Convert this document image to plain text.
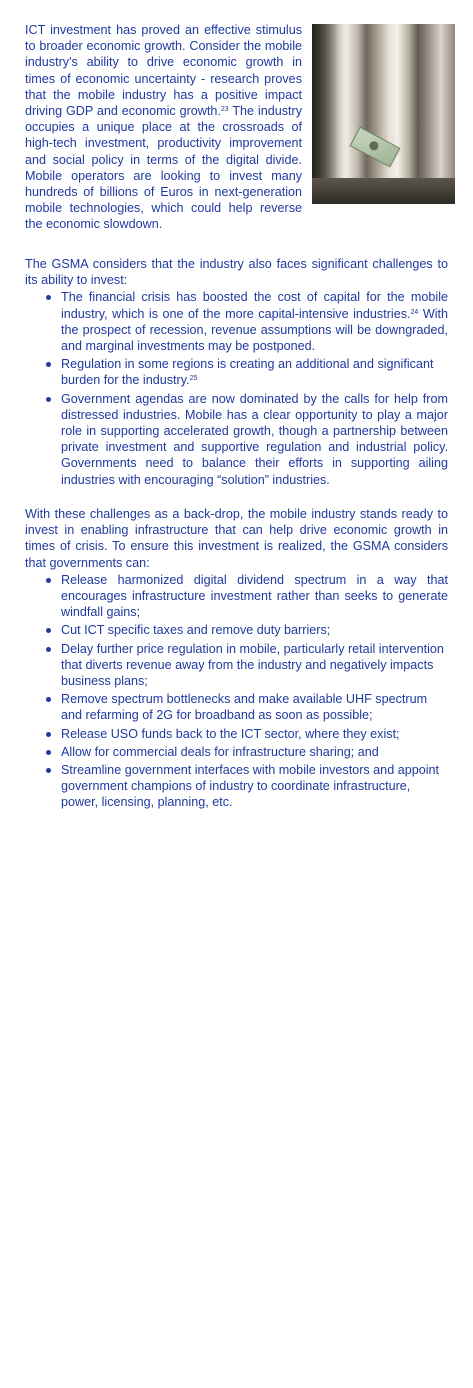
ICT investment has proved an effective stimulus to broader economic growth. Consider the mobile industry's ability to drive economic growth in times of economic uncertainty - research proves that the mobile industry has a positive impact driving GDP and economic growth.$^{23}$ The industry occupies a unique place at the crossroads of high-tech investment, productivity improvement and social policy in terms of the digital divide. Mobile operators are looking to invest many hundreds of billions of Euros in next-generation mobile technologies, which could help reverse the economic slowdown.

The GSMA considers that the industry also faces significant challenges to its ability to invest:

The financial crisis has boosted the cost of capital for the mobile industry, which is one of the more capital-intensive industries.$^{24}$ With the prospect of recession, revenue assumptions will be downgraded, and marginal investments may be postponed.
Regulation in some regions is creating an additional and significant burden for the industry.$^{25}$
Government agendas are now dominated by the calls for help from distressed industries. Mobile has a clear opportunity to play a major role in supporting accelerated growth, though a partnership between private investment and supportive regulation and industrial policy. Governments need to balance their efforts in supporting ailing industries with encouraging “solution” industries.

With these challenges as a back-drop, the mobile industry stands ready to invest in enabling infrastructure that can help drive economic growth in times of crisis. To ensure this investment is realized, the GSMA considers that governments can:

Release harmonized digital dividend spectrum in a way that encourages infrastructure investment rather than seeks to generate windfall gains;
Cut ICT specific taxes and remove duty barriers;
Delay further price regulation in mobile, particularly retail intervention that diverts revenue away from the industry and negatively impacts business plans;
Remove spectrum bottlenecks and make available UHF spectrum and refarming of 2G for broadband as soon as possible;
Release USO funds back to the ICT sector, where they exist;
Allow for commercial deals for infrastructure sharing; and
Streamline government interfaces with mobile investors and appoint government champions of industry to coordinate infrastructure, power, licensing, planning, etc.
